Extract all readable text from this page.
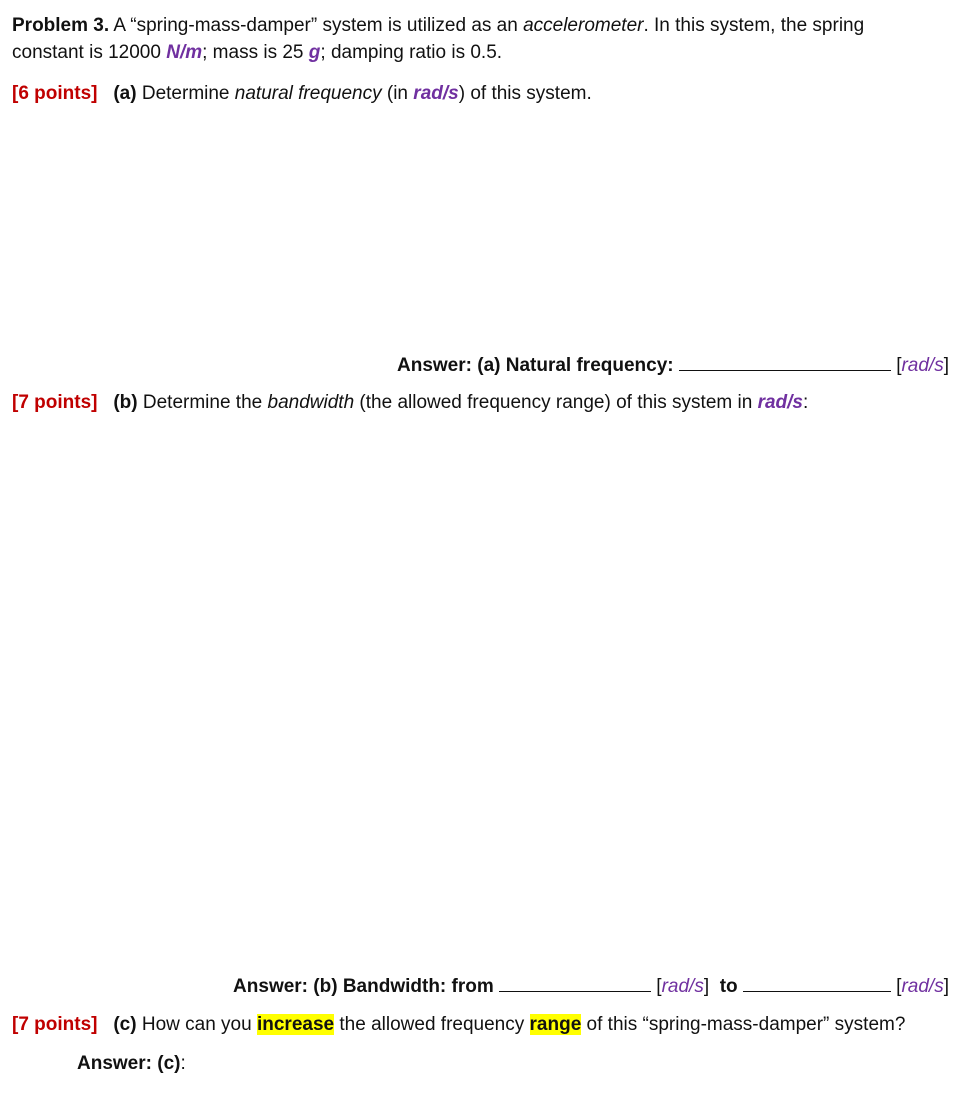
Problem 3. A “spring-mass-damper” system is utilized as an accelerometer. In this system, the spring
constant is 12000 N/m; mass is 25 g; damping ratio is 0.5.
[6 points] (a) Determine natural frequency (in rad/s) of this system.
Answer: (a) Natural frequency:	[rad/s]
[7 points] (b) Determine the bandwidth (the allowed frequency range) of this system in rad/s:
Answer: (b) Bandwidth: from	[rad/s]  to	[rad/s]
[7 points] (c) How can you increase the allowed frequency range of this “spring-mass-damper” system?
Answer: (c):
